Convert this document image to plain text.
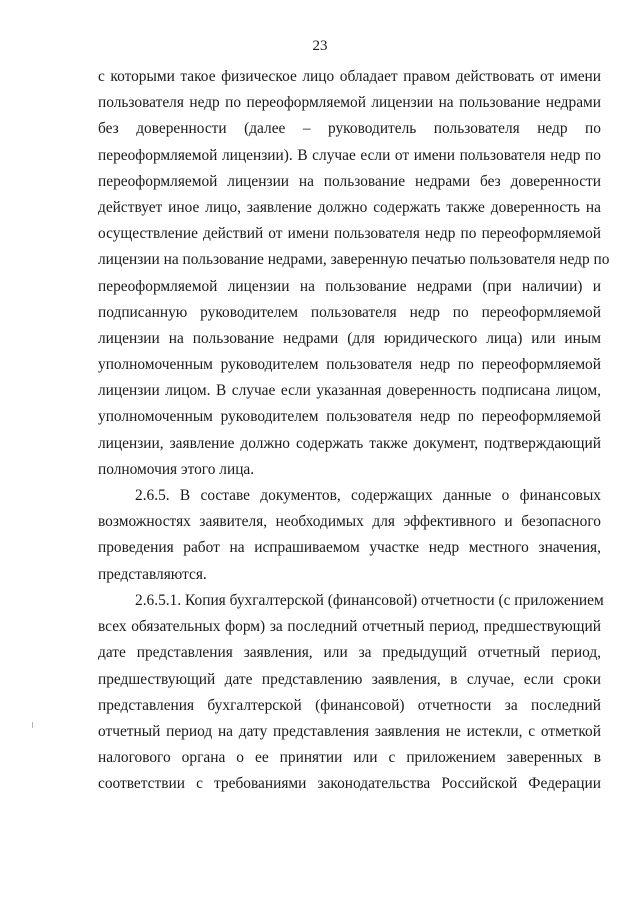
23
с которыми такое физическое лицо обладает правом действовать от имени
пользователя недр по переоформляемой лицензии на пользование недрами
без доверенности (далее – руководитель пользователя недр по
переоформляемой лицензии). В случае если от имени пользователя недр по
переоформляемой лицензии на пользование недрами без доверенности
действует иное лицо, заявление должно содержать также доверенность на
осуществление действий от имени пользователя недр по переоформляемой
лицензии на пользование недрами, заверенную печатью пользователя недр по
переоформляемой лицензии на пользование недрами (при наличии) и
подписанную руководителем пользователя недр по переоформляемой
лицензии на пользование недрами (для юридического лица) или иным
уполномоченным руководителем пользователя недр по переоформляемой
лицензии лицом. В случае если указанная доверенность подписана лицом,
уполномоченным руководителем пользователя недр по переоформляемой
лицензии, заявление должно содержать также документ, подтверждающий
полномочия этого лица.
2.6.5. В составе документов, содержащих данные о финансовых
возможностях заявителя, необходимых для эффективного и безопасного
проведения работ на испрашиваемом участке недр местного значения,
представляются.
2.6.5.1. Копия бухгалтерской (финансовой) отчетности (с приложением
всех обязательных форм) за последний отчетный период, предшествующий
дате представления заявления, или за предыдущий отчетный период,
предшествующий дате представлению заявления, в случае, если сроки
представления бухгалтерской (финансовой) отчетности за последний
отчетный период на дату представления заявления не истекли, с отметкой
налогового органа о ее принятии или с приложением заверенных в
соответствии с требованиями законодательства Российской Федерации
